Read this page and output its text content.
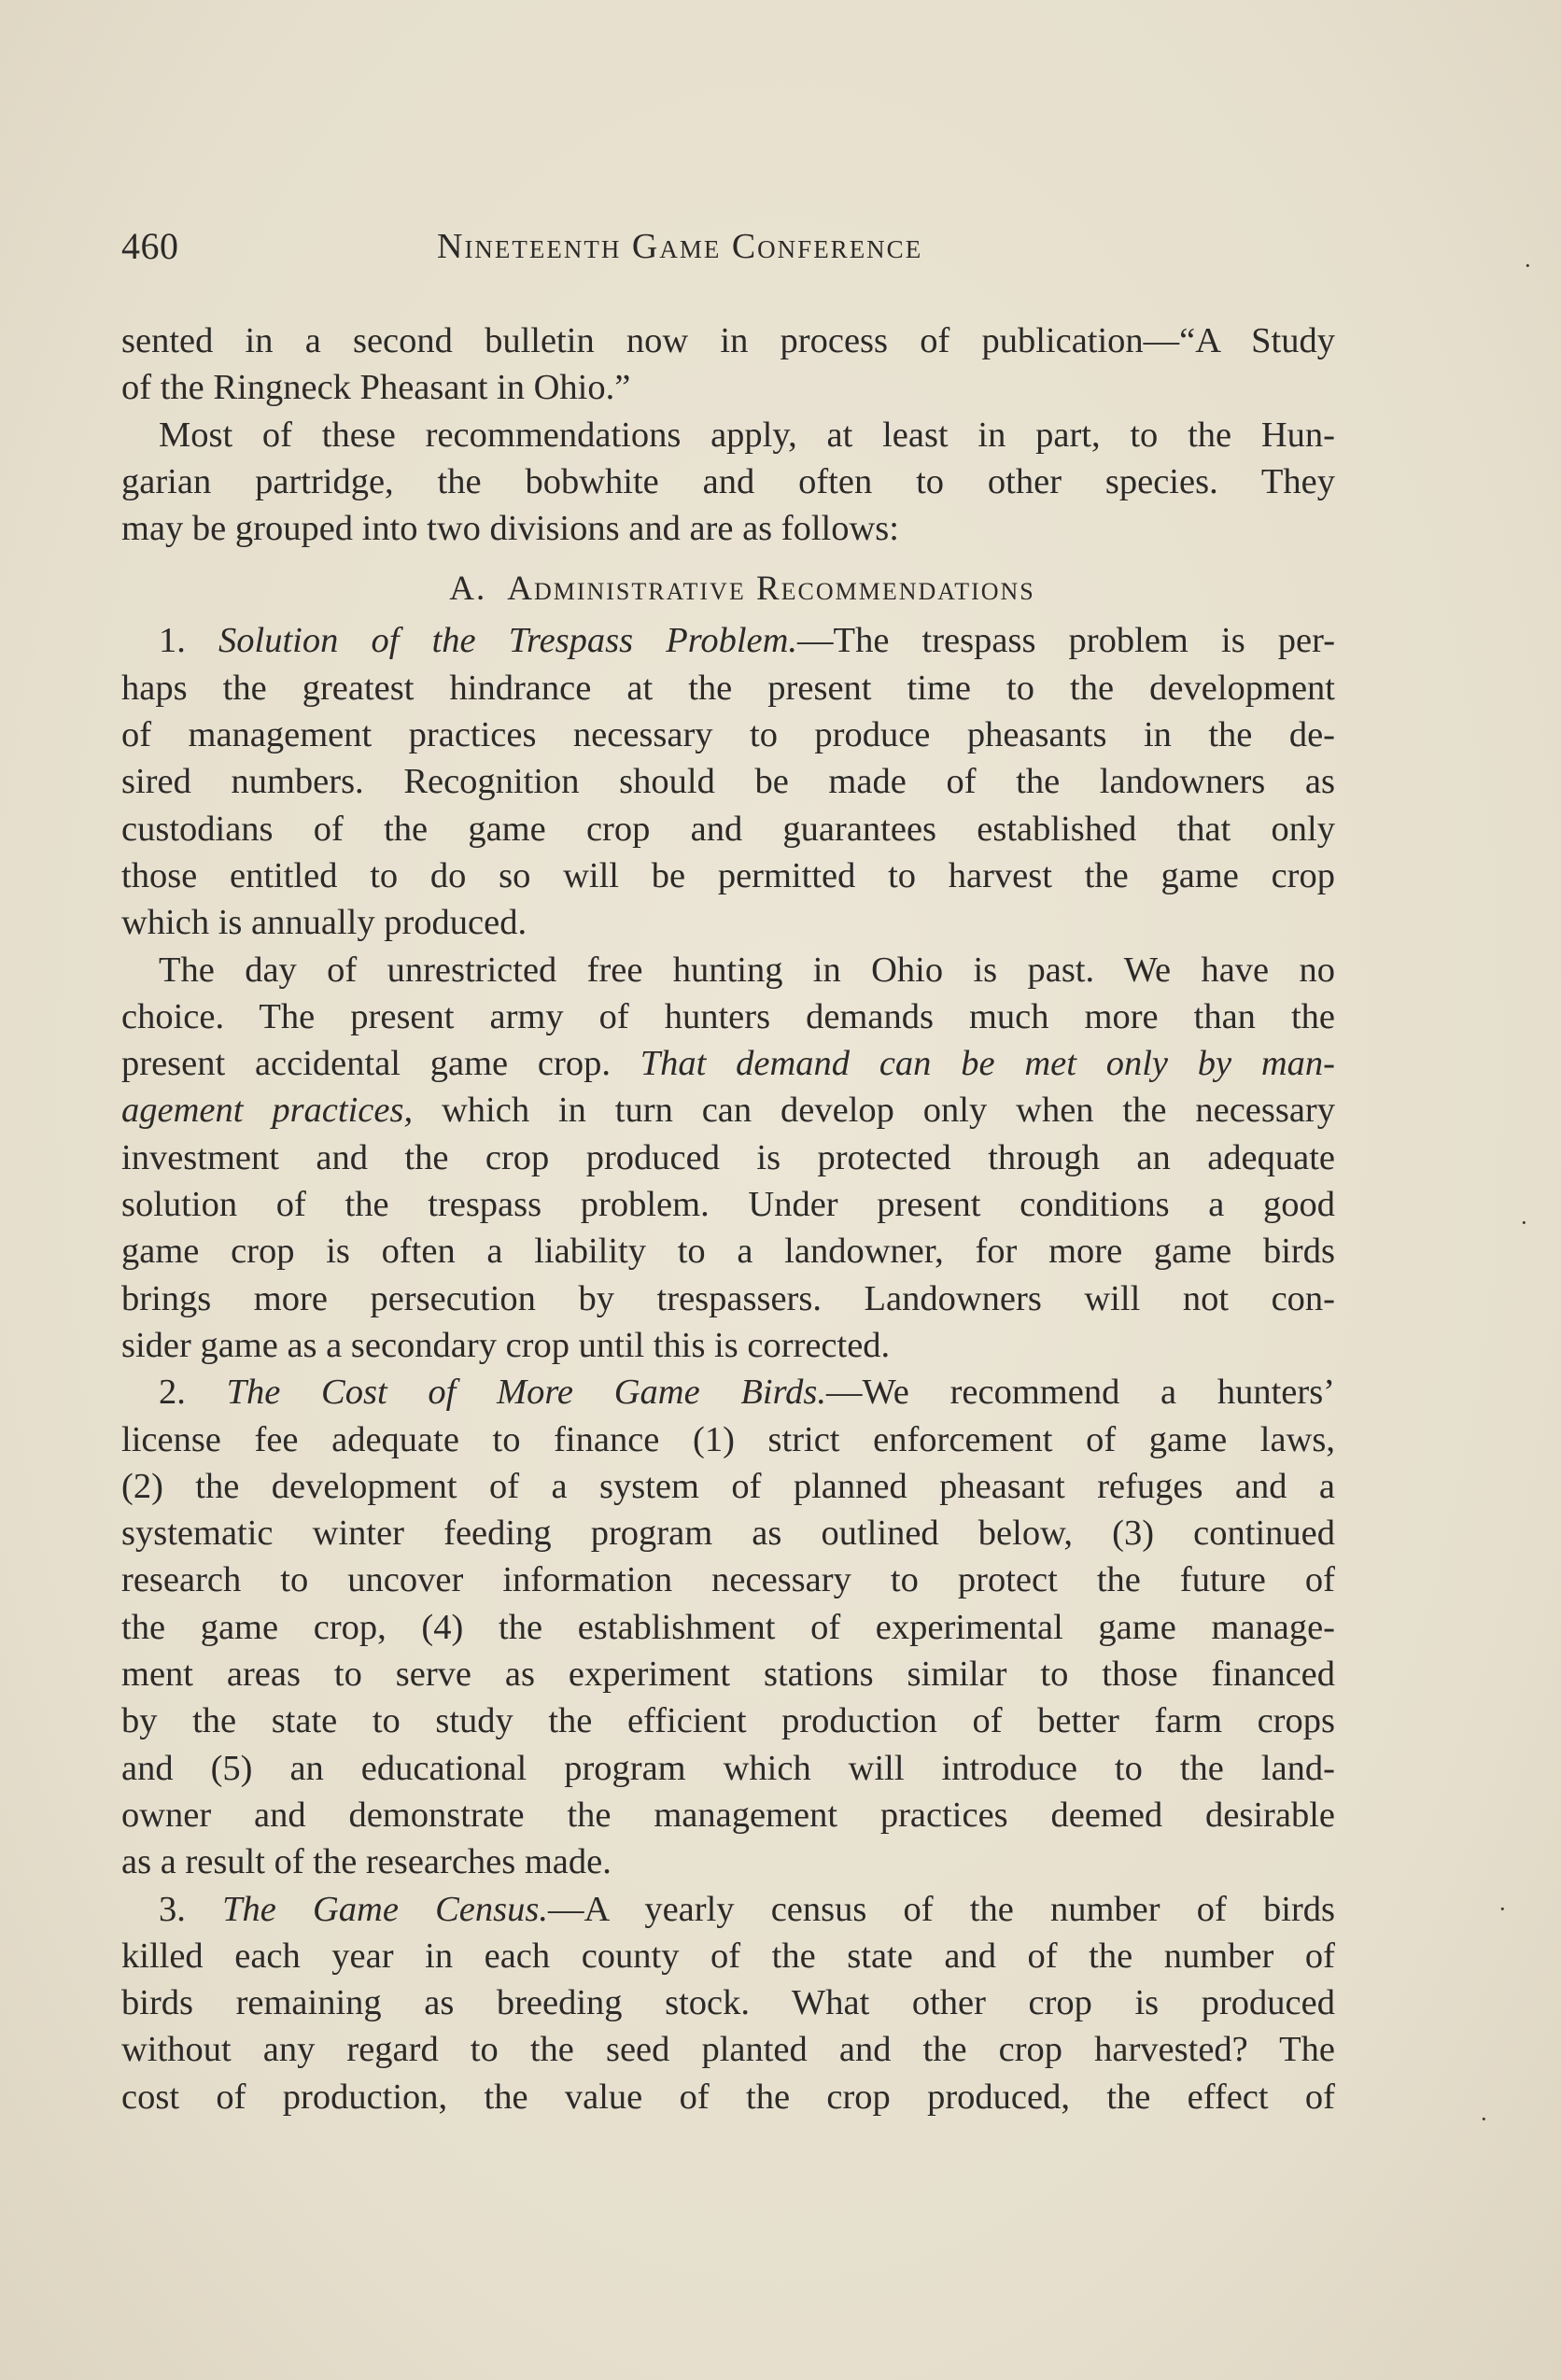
460	Nineteenth Game Conference
sented in a second bulletin now in process of publication—“A Study
of the Ringneck Pheasant in Ohio.”
Most of these recommendations apply, at least in part, to the Hun-
garian partridge, the bobwhite and often to other species. They
may be grouped into two divisions and are as follows:
A. Administrative Recommendations
1. Solution of the Trespass Problem.—The trespass problem is per-
haps the greatest hindrance at the present time to the development
of management practices necessary to produce pheasants in the de-
sired numbers. Recognition should be made of the landowners as
custodians of the game crop and guarantees established that only
those entitled to do so will be permitted to harvest the game crop
which is annually produced.
The day of unrestricted free hunting in Ohio is past. We have no
choice. The present army of hunters demands much more than the
present accidental game crop. That demand can be met only by man-
agement practices, which in turn can develop only when the necessary
investment and the crop produced is protected through an adequate
solution of the trespass problem. Under present conditions a good
game crop is often a liability to a landowner, for more game birds
brings more persecution by trespassers. Landowners will not con-
sider game as a secondary crop until this is corrected.
2. The Cost of More Game Birds.—We recommend a hunters’
license fee adequate to finance (1) strict enforcement of game laws,
(2) the development of a system of planned pheasant refuges and a
systematic winter feeding program as outlined below, (3) continued
research to uncover information necessary to protect the future of
the game crop, (4) the establishment of experimental game manage-
ment areas to serve as experiment stations similar to those financed
by the state to study the efficient production of better farm crops
and (5) an educational program which will introduce to the land-
owner and demonstrate the management practices deemed desirable
as a result of the researches made.
3. The Game Census.—A yearly census of the number of birds
killed each year in each county of the state and of the number of
birds remaining as breeding stock. What other crop is produced
without any regard to the seed planted and the crop harvested? The
cost of production, the value of the crop produced, the effect of
·
·
·
·
